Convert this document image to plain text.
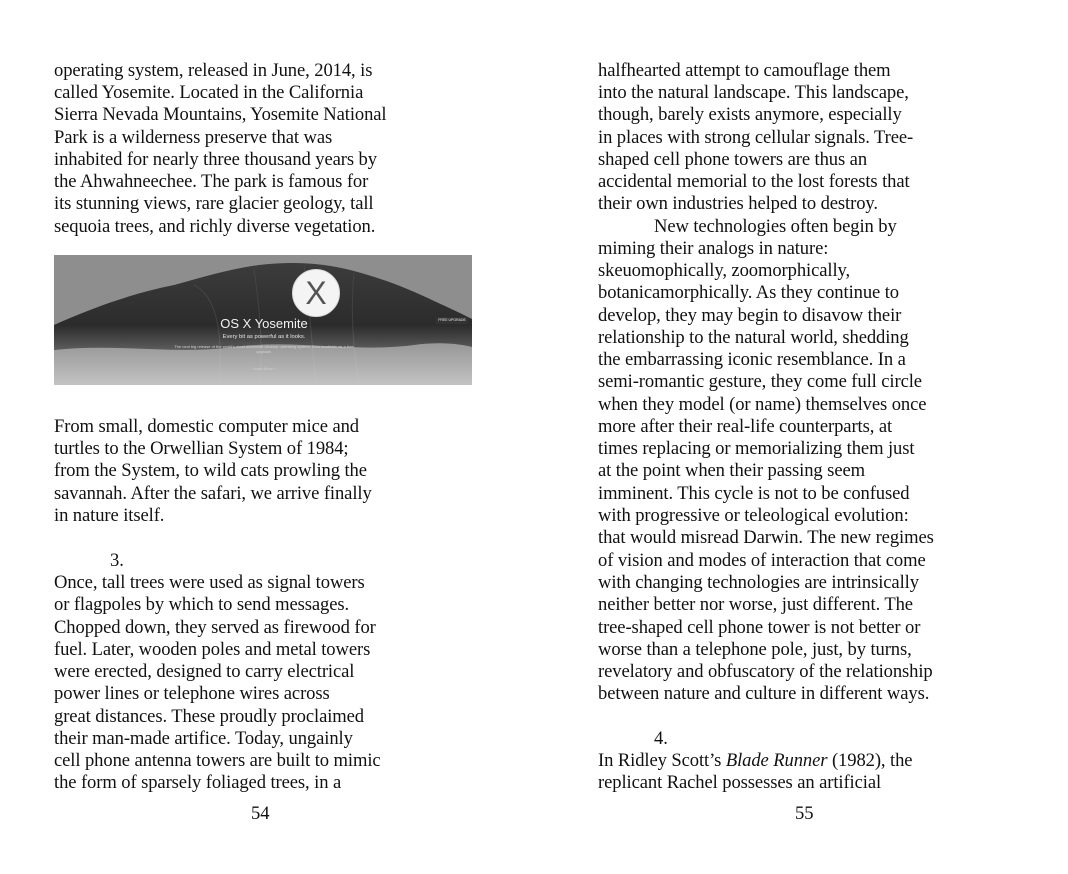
operating system, released in June, 2014, is
called Yosemite. Located in the California
Sierra Nevada Mountains, Yosemite National
Park is a wilderness preserve that was
inhabited for nearly three thousand years by
the Ahwahneechee. The park is famous for
its stunning views, rare glacier geology, tall
sequoia trees, and richly diverse vegetation.
X
OS X Yosemite
Every bit as powerful as it looks.
The next big release of the world's most advanced desktop operating system. Now available as a free upgrade.
Learn More ›
FREE UPGRADE
From small, domestic computer mice and
turtles to the Orwellian System of 1984;
from the System, to wild cats prowling the
savannah. After the safari, we arrive finally
in nature itself.
3.
Once, tall trees were used as signal towers
or flagpoles by which to send messages.
Chopped down, they served as firewood for
fuel. Later, wooden poles and metal towers
were erected, designed to carry electrical
power lines or telephone wires across
great distances. These proudly proclaimed
their man-made artifice. Today, ungainly
cell phone antenna towers are built to mimic
the form of sparsely foliaged trees, in a
54
halfhearted attempt to camouflage them
into the natural landscape. This landscape,
though, barely exists anymore, especially
in places with strong cellular signals. Tree-
shaped cell phone towers are thus an
accidental memorial to the lost forests that
their own industries helped to destroy.
New technologies often begin by
miming their analogs in nature:
skeuomophically, zoomorphically,
botanicamorphically. As they continue to
develop, they may begin to disavow their
relationship to the natural world, shedding
the embarrassing iconic resemblance. In a
semi-romantic gesture, they come full circle
when they model (or name) themselves once
more after their real-life counterparts, at
times replacing or memorializing them just
at the point when their passing seem
imminent. This cycle is not to be confused
with progressive or teleological evolution:
that would misread Darwin. The new regimes
of vision and modes of interaction that come
with changing technologies are intrinsically
neither better nor worse, just different. The
tree-shaped cell phone tower is not better or
worse than a telephone pole, just, by turns,
revelatory and obfuscatory of the relationship
between nature and culture in different ways.
4.
In Ridley Scott’s Blade Runner (1982), the
replicant Rachel possesses an artificial
55
